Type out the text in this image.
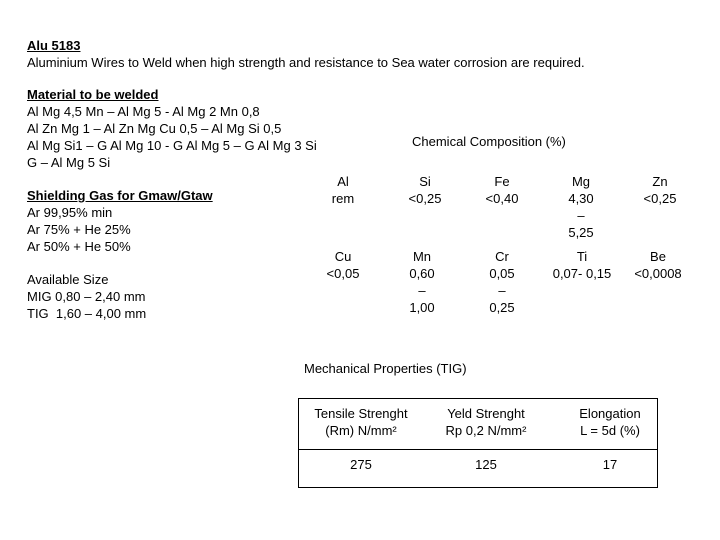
Alu 5183
Aluminium Wires to Weld when high strength and resistance to Sea water corrosion are required.
Material to be welded
Al Mg 4,5 Mn – Al Mg 5 - Al Mg 2 Mn 0,8
Al Zn Mg 1 – Al Zn Mg Cu 0,5 – Al Mg Si 0,5
Al Mg Si1 – G Al Mg 10 - G Al Mg 5 – G Al Mg 3 Si
G – Al Mg 5 Si
Shielding Gas for Gmaw/Gtaw
Ar 99,95% min
Ar 75% + He 25%
Ar 50% + He 50%
Available Size
MIG 0,80 – 2,40 mm
TIG  1,60 – 4,00 mm
Chemical Composition (%)
Al
rem
Si
<0,25
Fe
<0,40
Mg
4,30
–
5,25
Zn
<0,25
Cu
<0,05
Mn
0,60
–
1,00
Cr
0,05
–
0,25
Ti
0,07- 0,15
Be
<0,0008
Mechanical Properties (TIG)
Tensile Strenght
(Rm) N/mm²
Yeld Strenght
Rp 0,2 N/mm²
Elongation
L = 5d (%)
275	125	17
